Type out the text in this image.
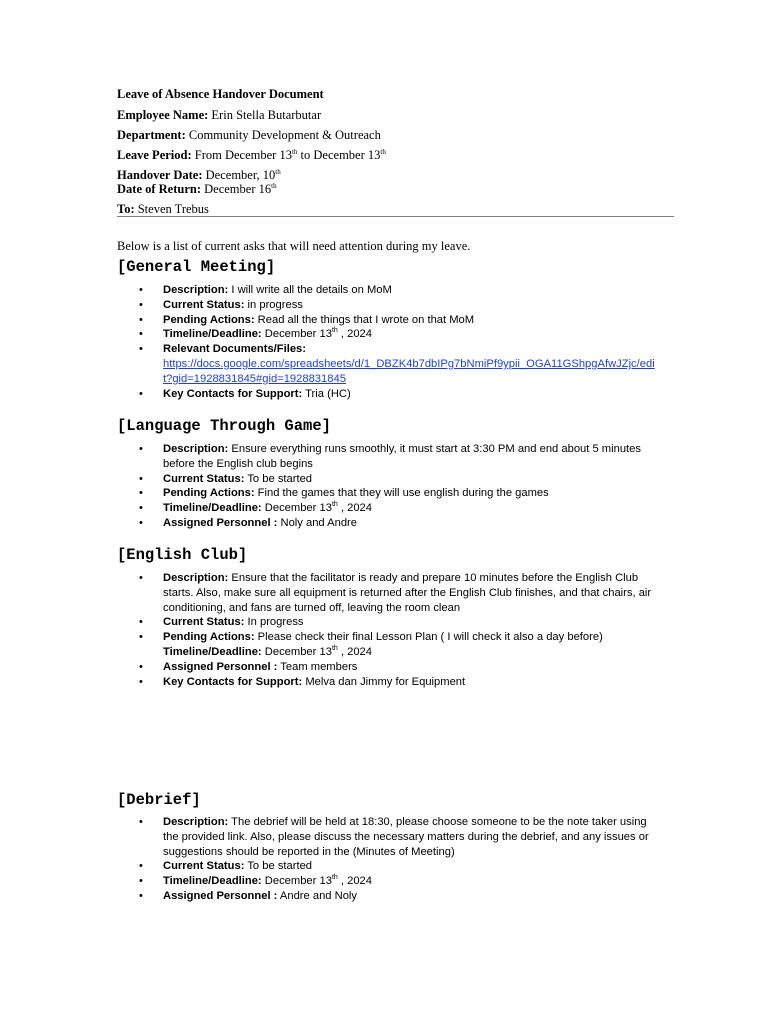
Leave of Absence Handover Document
Employee Name: Erin Stella Butarbutar
Department: Community Development & Outreach
Leave Period: From December 13th to December 13th
Handover Date: December, 10th
Date of Return: December 16th
To: Steven Trebus
Below is a list of current asks that will need attention during my leave.
[General Meeting]
• Description: I will write all the details on MoM
• Current Status: in progress
• Pending Actions: Read all the things that I wrote on that MoM
• Timeline/Deadline: December 13th , 2024
• Relevant Documents/Files:
https://docs.google.com/spreadsheets/d/1_DBZK4b7dbIPg7bNmiPf9ypii_OGA11GShpgAfwJZjc/edit?gid=1928831845#gid=1928831845
• Key Contacts for Support: Tria (HC)
[Language Through Game]
• Description: Ensure everything runs smoothly, it must start at 3:30 PM and end about 5 minutes before the English club begins
• Current Status: To be started
• Pending Actions: Find the games that they will use english during the games
• Timeline/Deadline: December 13th , 2024
• Assigned Personnel : Noly and Andre
[English Club]
• Description: Ensure that the facilitator is ready and prepare 10 minutes before the English Club starts. Also, make sure all equipment is returned after the English Club finishes, and that chairs, air conditioning, and fans are turned off, leaving the room clean
• Current Status: In progress
• Pending Actions: Please check their final Lesson Plan ( I will check it also a day before)
Timeline/Deadline: December 13th , 2024
• Assigned Personnel : Team members
• Key Contacts for Support: Melva dan Jimmy for Equipment
[Debrief]
• Description: The debrief will be held at 18:30, please choose someone to be the note taker using the provided link. Also, please discuss the necessary matters during the debrief, and any issues or suggestions should be reported in the (Minutes of Meeting)
• Current Status: To be started
• Timeline/Deadline: December 13th , 2024
• Assigned Personnel : Andre and Noly
